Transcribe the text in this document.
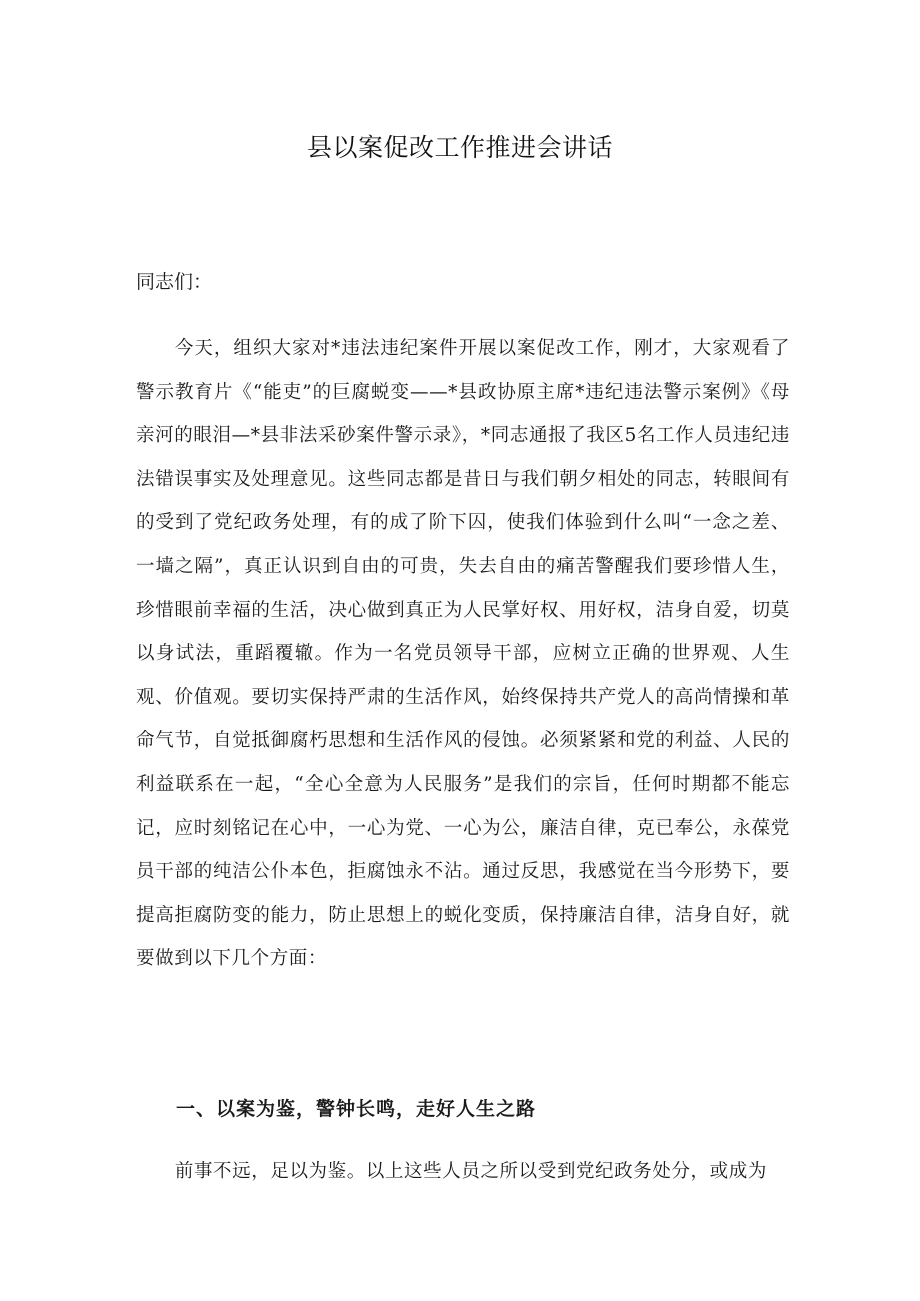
县以案促改工作推进会讲话
同志们：
今天，组织大家对*违法违纪案件开展以案促改工作，刚才，大家观看了警示教育片《“能吏”的巨腐蜕变——*县政协原主席*违纪违法警示案例》《母亲河的眼泪—*县非法采砂案件警示录》，*同志通报了我区5名工作人员违纪违法错误事实及处理意见。这些同志都是昔日与我们朝夕相处的同志，转眼间有的受到了党纪政务处理，有的成了阶下囚，使我们体验到什么叫“一念之差、一墙之隔”，真正认识到自由的可贵，失去自由的痛苦警醒我们要珍惜人生，珍惜眼前幸福的生活，决心做到真正为人民掌好权、用好权，洁身自爱，切莫以身试法，重蹈覆辙。作为一名党员领导干部，应树立正确的世界观、人生观、价值观。要切实保持严肃的生活作风，始终保持共产党人的高尚情操和革命气节，自觉抵御腐朽思想和生活作风的侵蚀。必须紧紧和党的利益、人民的利益联系在一起，“全心全意为人民服务”是我们的宗旨，任何时期都不能忘记，应时刻铭记在心中，一心为党、一心为公，廉洁自律，克已奉公，永葆党员干部的纯洁公仆本色，拒腐蚀永不沾。通过反思，我感觉在当今形势下，要提高拒腐防变的能力，防止思想上的蜕化变质，保持廉洁自律，洁身自好，就要做到以下几个方面：
一、以案为鉴，警钟长鸣，走好人生之路
前事不远，足以为鉴。以上这些人员之所以受到党纪政务处分，或成为
